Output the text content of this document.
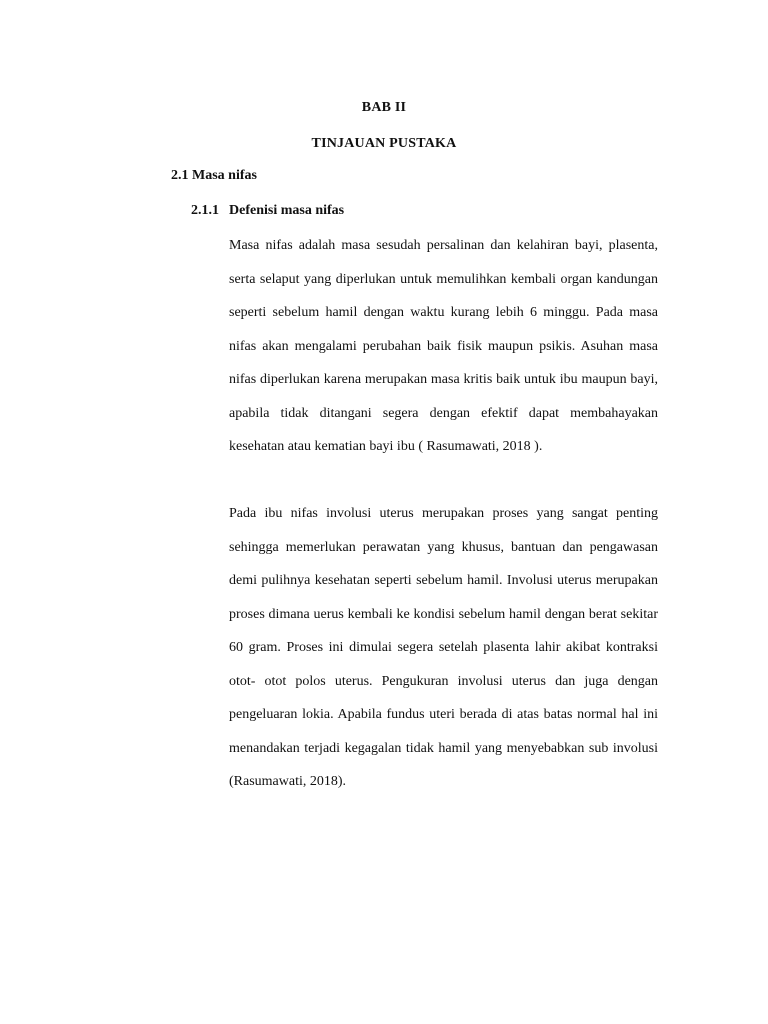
BAB II
TINJAUAN PUSTAKA
2.1 Masa nifas
2.1.1 Defenisi masa nifas

Masa nifas adalah masa sesudah persalinan dan kelahiran bayi, plasenta, serta selaput yang diperlukan untuk memulihkan kembali organ kandungan seperti sebelum hamil dengan waktu kurang lebih 6 minggu. Pada masa nifas akan mengalami perubahan baik fisik maupun psikis. Asuhan masa nifas diperlukan karena merupakan masa kritis baik untuk ibu maupun bayi, apabila tidak ditangani segera dengan efektif dapat membahayakan kesehatan atau kematian bayi ibu ( Rasumawati, 2018 ).

Pada ibu nifas involusi uterus merupakan proses yang sangat penting sehingga memerlukan perawatan yang khusus, bantuan dan pengawasan demi pulihnya kesehatan seperti sebelum hamil. Involusi uterus merupakan proses dimana uerus kembali ke kondisi sebelum hamil dengan berat sekitar 60 gram. Proses ini dimulai segera setelah plasenta lahir akibat kontraksi otot- otot polos uterus. Pengukuran involusi uterus dan juga dengan pengeluaran lokia. Apabila fundus uteri berada di atas batas normal hal ini menandakan terjadi kegagalan tidak hamil yang menyebabkan sub involusi (Rasumawati, 2018).
